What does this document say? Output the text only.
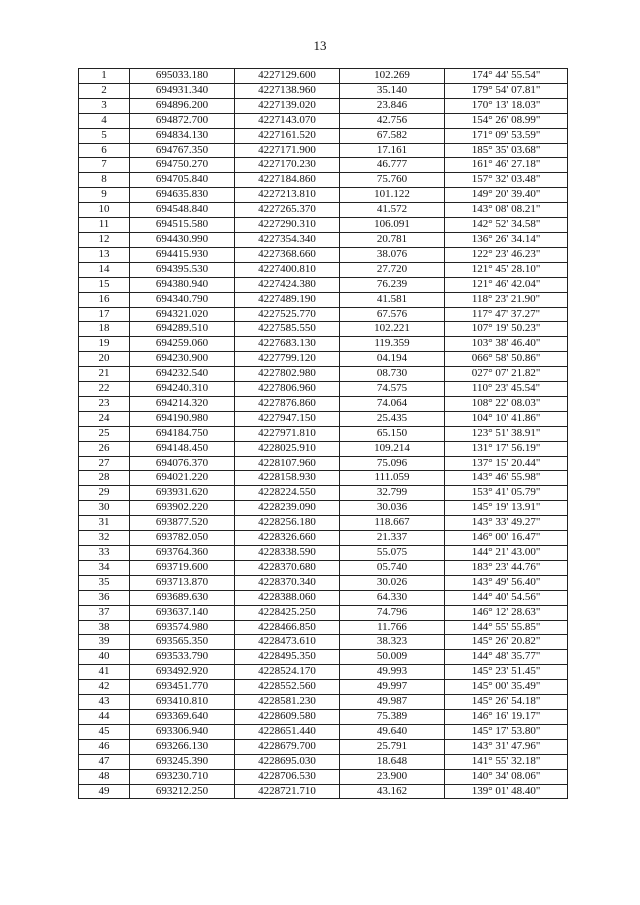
13
1	695033.180	4227129.600	102.269	174° 44' 55.54"
2	694931.340	4227138.960	35.140	179° 54' 07.81"
3	694896.200	4227139.020	23.846	170° 13' 18.03"
4	694872.700	4227143.070	42.756	154° 26' 08.99"
5	694834.130	4227161.520	67.582	171° 09' 53.59"
6	694767.350	4227171.900	17.161	185° 35' 03.68"
7	694750.270	4227170.230	46.777	161° 46' 27.18"
8	694705.840	4227184.860	75.760	157° 32' 03.48"
9	694635.830	4227213.810	101.122	149° 20' 39.40"
10	694548.840	4227265.370	41.572	143° 08' 08.21"
11	694515.580	4227290.310	106.091	142° 52' 34.58"
12	694430.990	4227354.340	20.781	136° 26' 34.14"
13	694415.930	4227368.660	38.076	122° 23' 46.23"
14	694395.530	4227400.810	27.720	121° 45' 28.10"
15	694380.940	4227424.380	76.239	121° 46' 42.04"
16	694340.790	4227489.190	41.581	118° 23' 21.90"
17	694321.020	4227525.770	67.576	117° 47' 37.27"
18	694289.510	4227585.550	102.221	107° 19' 50.23"
19	694259.060	4227683.130	119.359	103° 38' 46.40"
20	694230.900	4227799.120	04.194	066° 58' 50.86"
21	694232.540	4227802.980	08.730	027° 07' 21.82"
22	694240.310	4227806.960	74.575	110° 23' 45.54"
23	694214.320	4227876.860	74.064	108° 22' 08.03"
24	694190.980	4227947.150	25.435	104° 10' 41.86"
25	694184.750	4227971.810	65.150	123° 51' 38.91"
26	694148.450	4228025.910	109.214	131° 17' 56.19"
27	694076.370	4228107.960	75.096	137° 15' 20.44"
28	694021.220	4228158.930	111.059	143° 46' 55.98"
29	693931.620	4228224.550	32.799	153° 41' 05.79"
30	693902.220	4228239.090	30.036	145° 19' 13.91"
31	693877.520	4228256.180	118.667	143° 33' 49.27"
32	693782.050	4228326.660	21.337	146° 00' 16.47"
33	693764.360	4228338.590	55.075	144° 21' 43.00"
34	693719.600	4228370.680	05.740	183° 23' 44.76"
35	693713.870	4228370.340	30.026	143° 49' 56.40"
36	693689.630	4228388.060	64.330	144° 40' 54.56"
37	693637.140	4228425.250	74.796	146° 12' 28.63"
38	693574.980	4228466.850	11.766	144° 55' 55.85"
39	693565.350	4228473.610	38.323	145° 26' 20.82"
40	693533.790	4228495.350	50.009	144° 48' 35.77"
41	693492.920	4228524.170	49.993	145° 23' 51.45"
42	693451.770	4228552.560	49.997	145° 00' 35.49"
43	693410.810	4228581.230	49.987	145° 26' 54.18"
44	693369.640	4228609.580	75.389	146° 16' 19.17"
45	693306.940	4228651.440	49.640	145° 17' 53.80"
46	693266.130	4228679.700	25.791	143° 31' 47.96"
47	693245.390	4228695.030	18.648	141° 55' 32.18"
48	693230.710	4228706.530	23.900	140° 34' 08.06"
49	693212.250	4228721.710	43.162	139° 01' 48.40"
